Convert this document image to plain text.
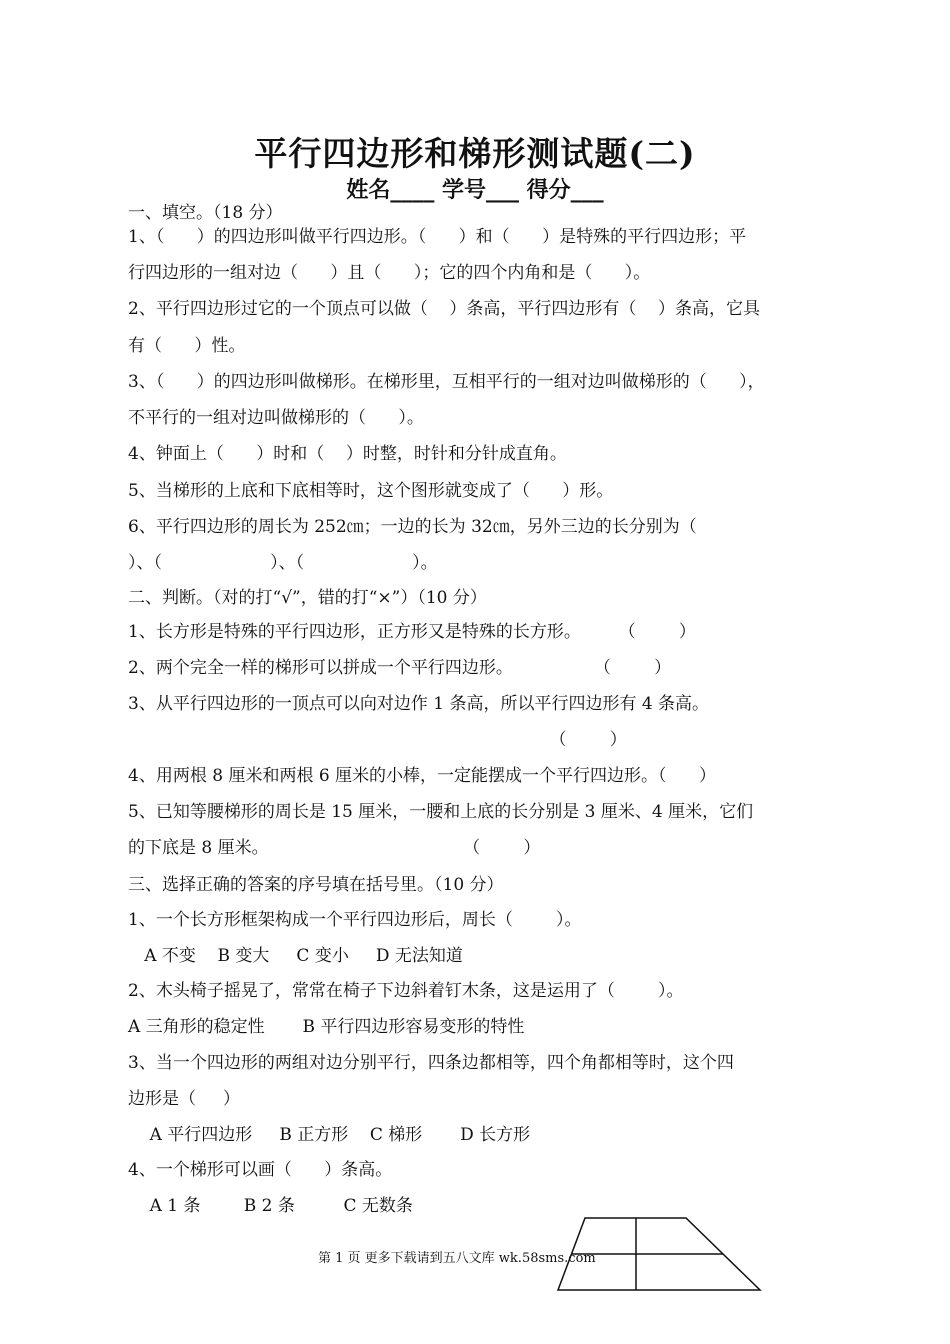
平行四边形和梯形测试题(二)
姓名____ 学号___ 得分___
一、填空。（18 分）
1、（      ）的四边形叫做平行四边形。（      ）和（      ）是特殊的平行四边形；平
行四边形的一组对边（      ）且（      ）；它的四个内角和是（      ）。
2、平行四边形过它的一个顶点可以做（    ）条高，平行四边形有（    ）条高，它具
有（      ）性。
3、（      ）的四边形叫做梯形。在梯形里，互相平行的一组对边叫做梯形的（      ），
不平行的一组对边叫做梯形的（      ）。
4、钟面上（      ）时和（    ）时整，时针和分针成直角。
5、当梯形的上底和下底相等时，这个图形就变成了（      ）形。
6、平行四边形的周长为 252㎝；一边的长为 32㎝，另外三边的长分别为（
）、（                    ）、（                    ）。
二、判断。（对的打“√”，错的打“×”）（10 分）
1、长方形是特殊的平行四边形，正方形又是特殊的长方形。       （        ）
2、两个完全一样的梯形可以拼成一个平行四边形。               （        ）
3、从平行四边形的一顶点可以向对边作 1 条高，所以平行四边形有 4 条高。
（        ）
4、用两根 8 厘米和两根 6 厘米的小棒，一定能摆成一个平行四边形。（      ）
5、已知等腰梯形的周长是 15 厘米，一腰和上底的长分别是 3 厘米、4 厘米，它们
的下底是 8 厘米。                                    （        ）
三、选择正确的答案的序号填在括号里。（10 分）
1、一个长方形框架构成一个平行四边形后，周长（        ）。
A 不变    B 变大     C 变小     D 无法知道
2、木头椅子摇晃了，常常在椅子下边斜着钉木条，这是运用了（        ）。
A 三角形的稳定性       B 平行四边形容易变形的特性
3、当一个四边形的两组对边分别平行，四条边都相等，四个角都相等时，这个四
边形是（     ）
A 平行四边形     B 正方形    C 梯形       D 长方形
4、一个梯形可以画（      ）条高。
A 1 条        B 2 条         C 无数条
第 1 页 更多下载请到五八文库 wk.58sms.com
